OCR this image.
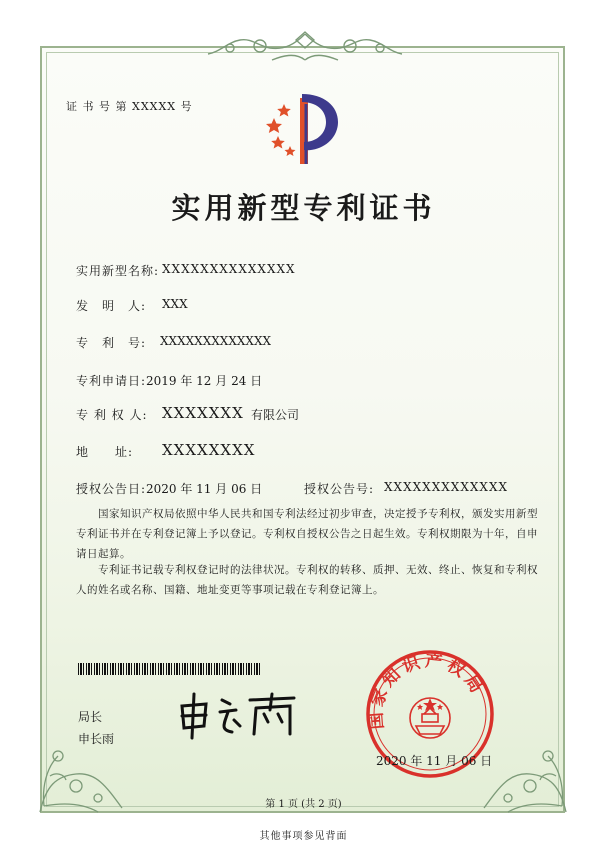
证 书 号 第 XXXXX 号
实用新型专利证书
实用新型名称: XXXXXXXXXXXXXX
发　明　人: XXX
专　利　号: XXXXXXXXXXXXX
专利申请日: 2019 年 12 月 24 日
专 利 权 人: XXXXXXX 有限公司
地　　址: XXXXXXXX
授权公告日: 2020 年 11 月 06 日	授权公告号: XXXXXXXXXXXXX
国家知识产权局依照中华人民共和国专利法经过初步审查，决定授予专利权，颁发实用新型专利证书并在专利登记簿上予以登记。专利权自授权公告之日起生效。专利权期限为十年，自申请日起算。
专利证书记载专利权登记时的法律状况。专利权的转移、质押、无效、终止、恢复和专利权人的姓名或名称、国籍、地址变更等事项记载在专利登记簿上。
局长
申长雨
国家知识产权局
2020 年 11 月 06 日
第 1 页 (共 2 页)
其他事项参见背面
